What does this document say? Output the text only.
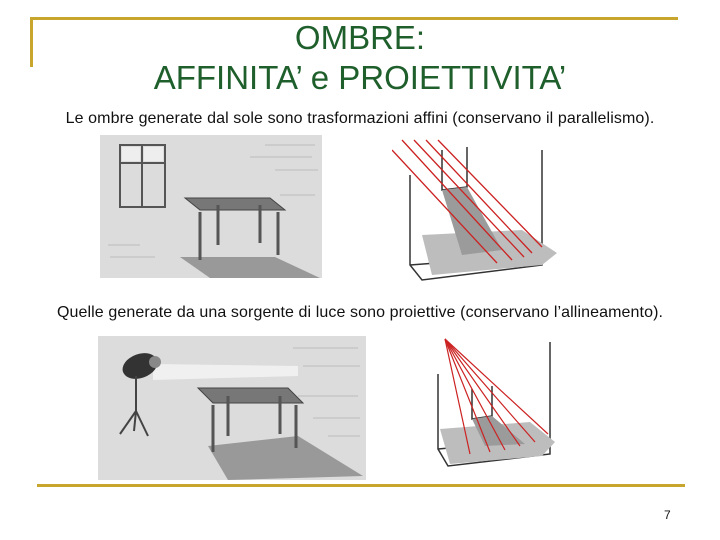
OMBRE:
AFFINITA’ e PROIETTIVITA’
Le ombre generate dal sole sono trasformazioni affini (conservano il parallelismo).
Quelle generate da una sorgente di luce sono proiettive (conservano l’allineamento).
7
